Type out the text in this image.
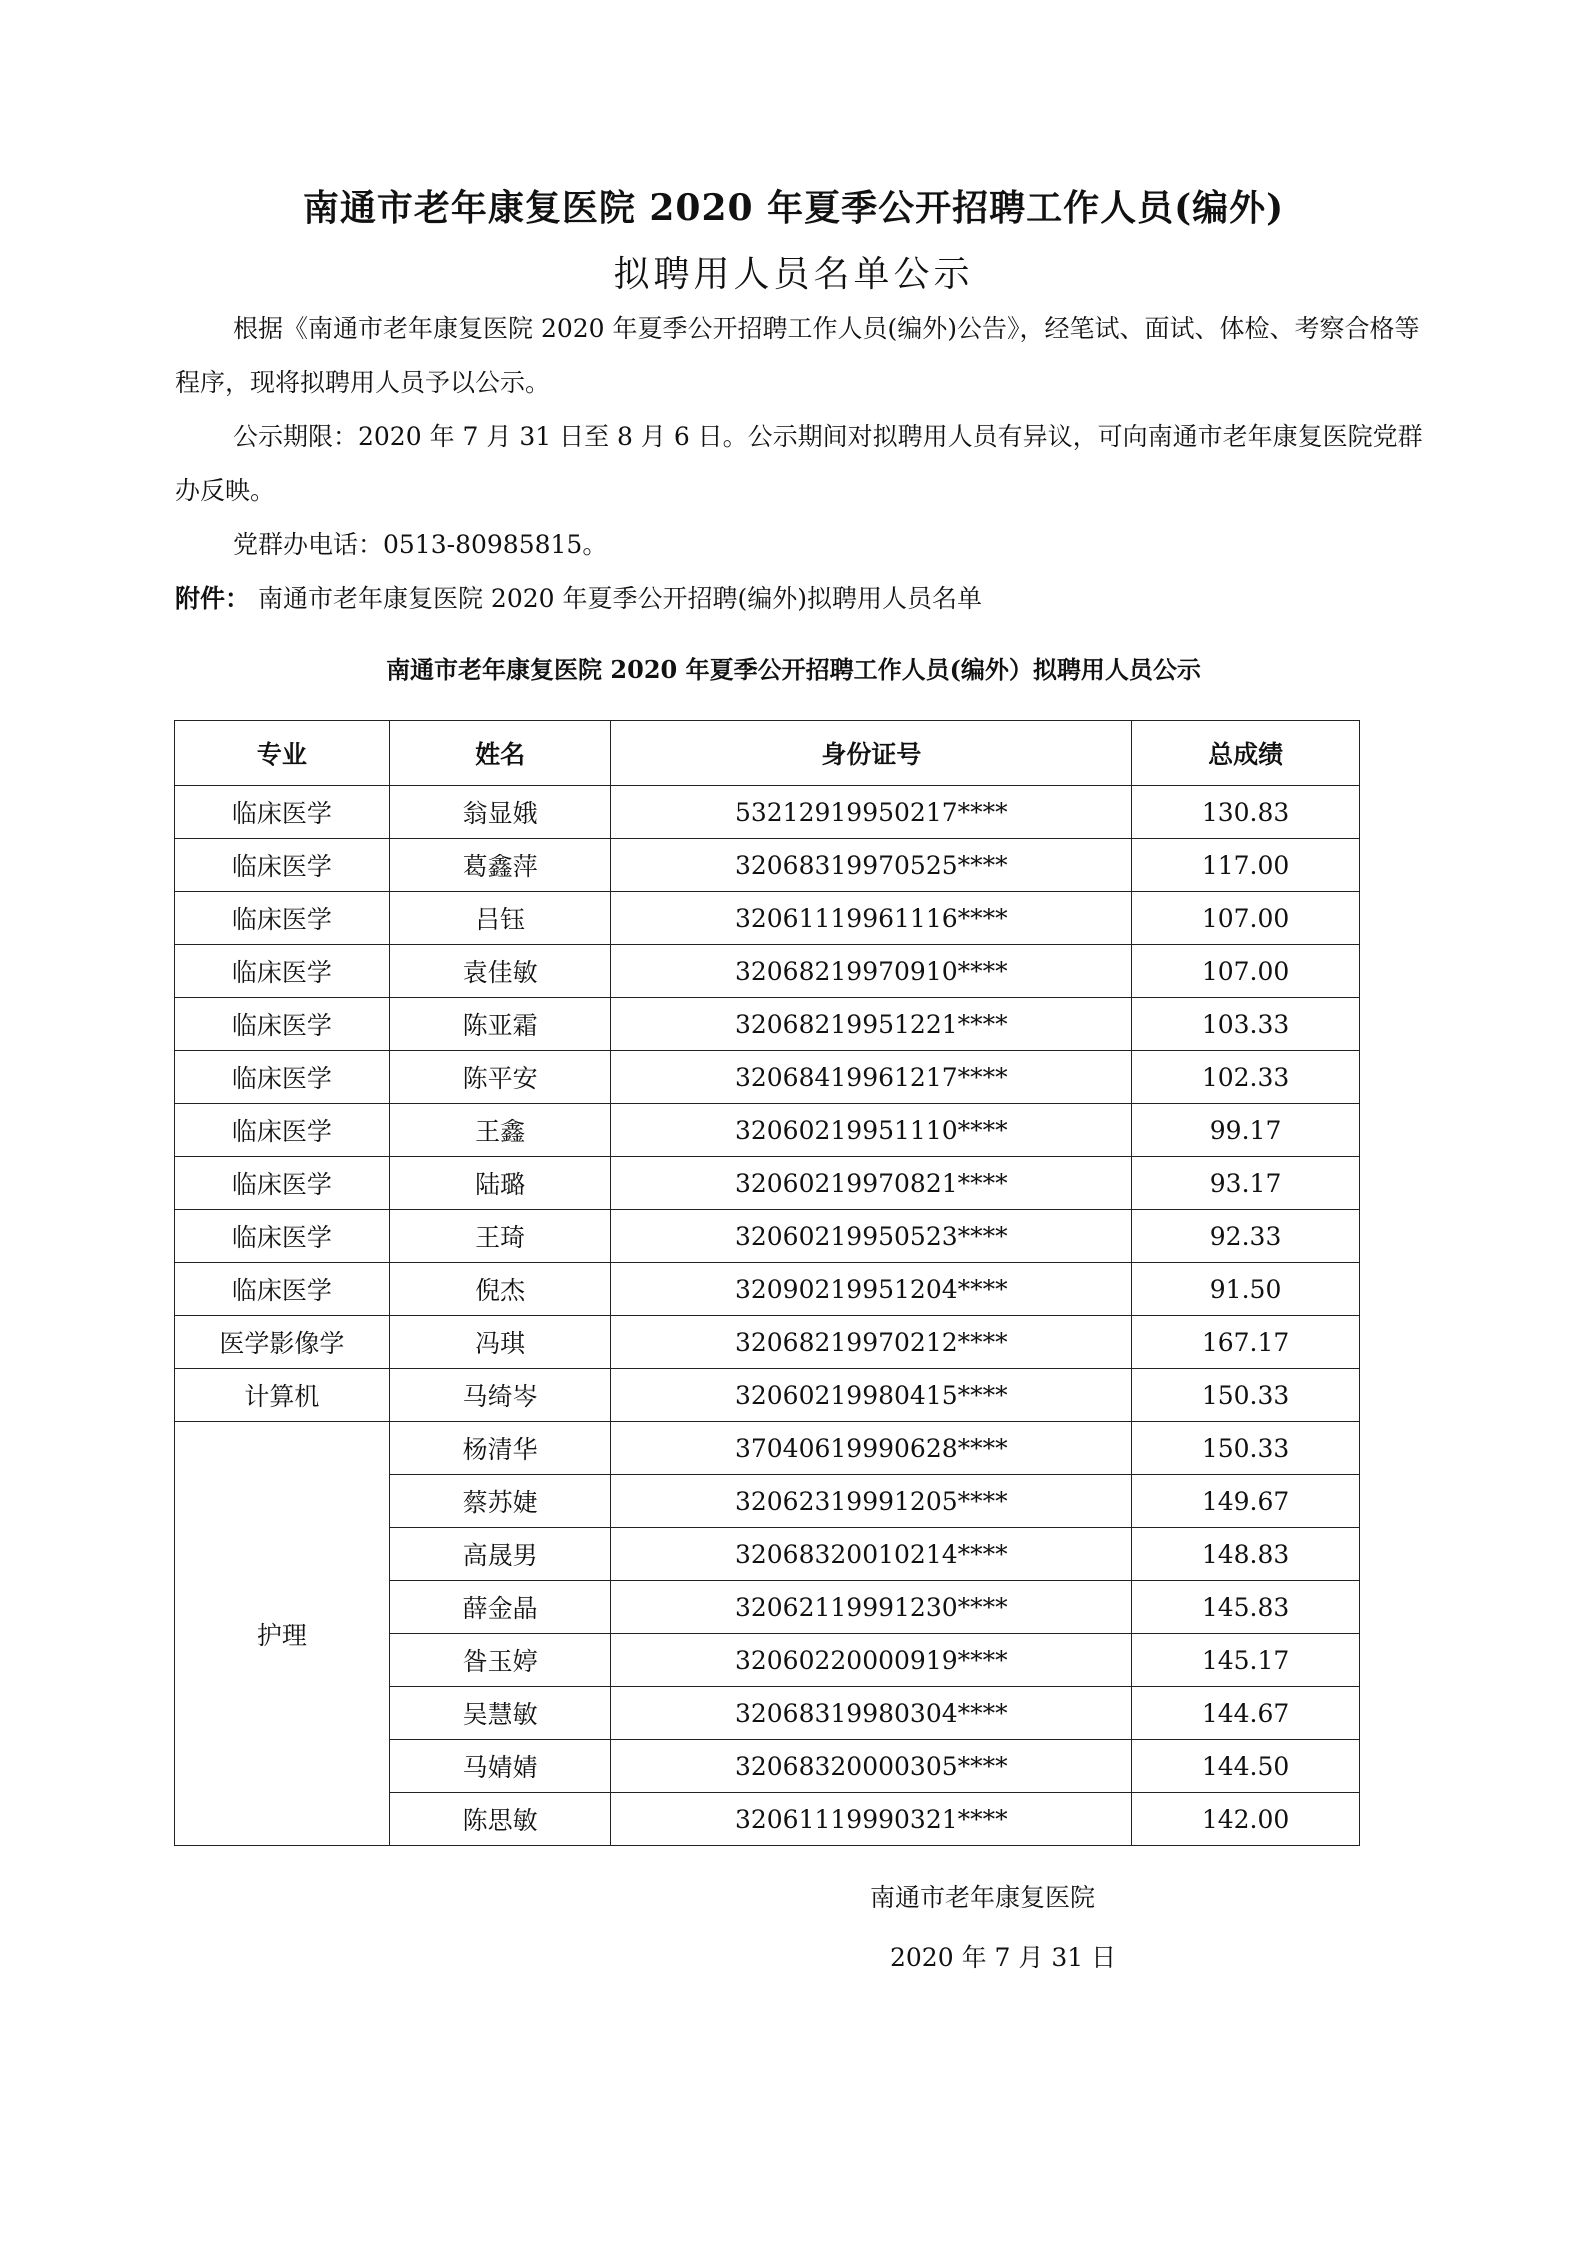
南通市老年康复医院 2020 年夏季公开招聘工作人员(编外)
拟聘用人员名单公示

根据《南通市老年康复医院 2020 年夏季公开招聘工作人员(编外)公告》，经笔试、面试、体检、考察合格等程序，现将拟聘用人员予以公示。

公示期限：2020 年 7 月 31 日至 8 月 6 日。公示期间对拟聘用人员有异议，可向南通市老年康复医院党群办反映。

党群办电话：0513-80985815。

附件： 南通市老年康复医院 2020 年夏季公开招聘(编外)拟聘用人员名单
南通市老年康复医院 2020 年夏季公开招聘工作人员(编外）拟聘用人员公示
专业	姓名	身份证号	总成绩
临床医学	翁显娥	53212919950217****	130.83
临床医学	葛鑫萍	32068319970525****	117.00
临床医学	吕钰	32061119961116****	107.00
临床医学	袁佳敏	32068219970910****	107.00
临床医学	陈亚霜	32068219951221****	103.33
临床医学	陈平安	32068419961217****	102.33
临床医学	王鑫	32060219951110****	99.17
临床医学	陆璐	32060219970821****	93.17
临床医学	王琦	32060219950523****	92.33
临床医学	倪杰	32090219951204****	91.50
医学影像学	冯琪	32068219970212****	167.17
计算机	马绮岑	32060219980415****	150.33
护理	杨清华	37040619990628****	150.33
	蔡苏婕	32062319991205****	149.67
	高晟男	32068320010214****	148.83
	薛金晶	32062119991230****	145.83
	昝玉婷	32060220000919****	145.17
	吴慧敏	32068319980304****	144.67
	马婧婧	32068320000305****	144.50
	陈思敏	32061119990321****	142.00
南通市老年康复医院
2020 年 7 月 31 日
